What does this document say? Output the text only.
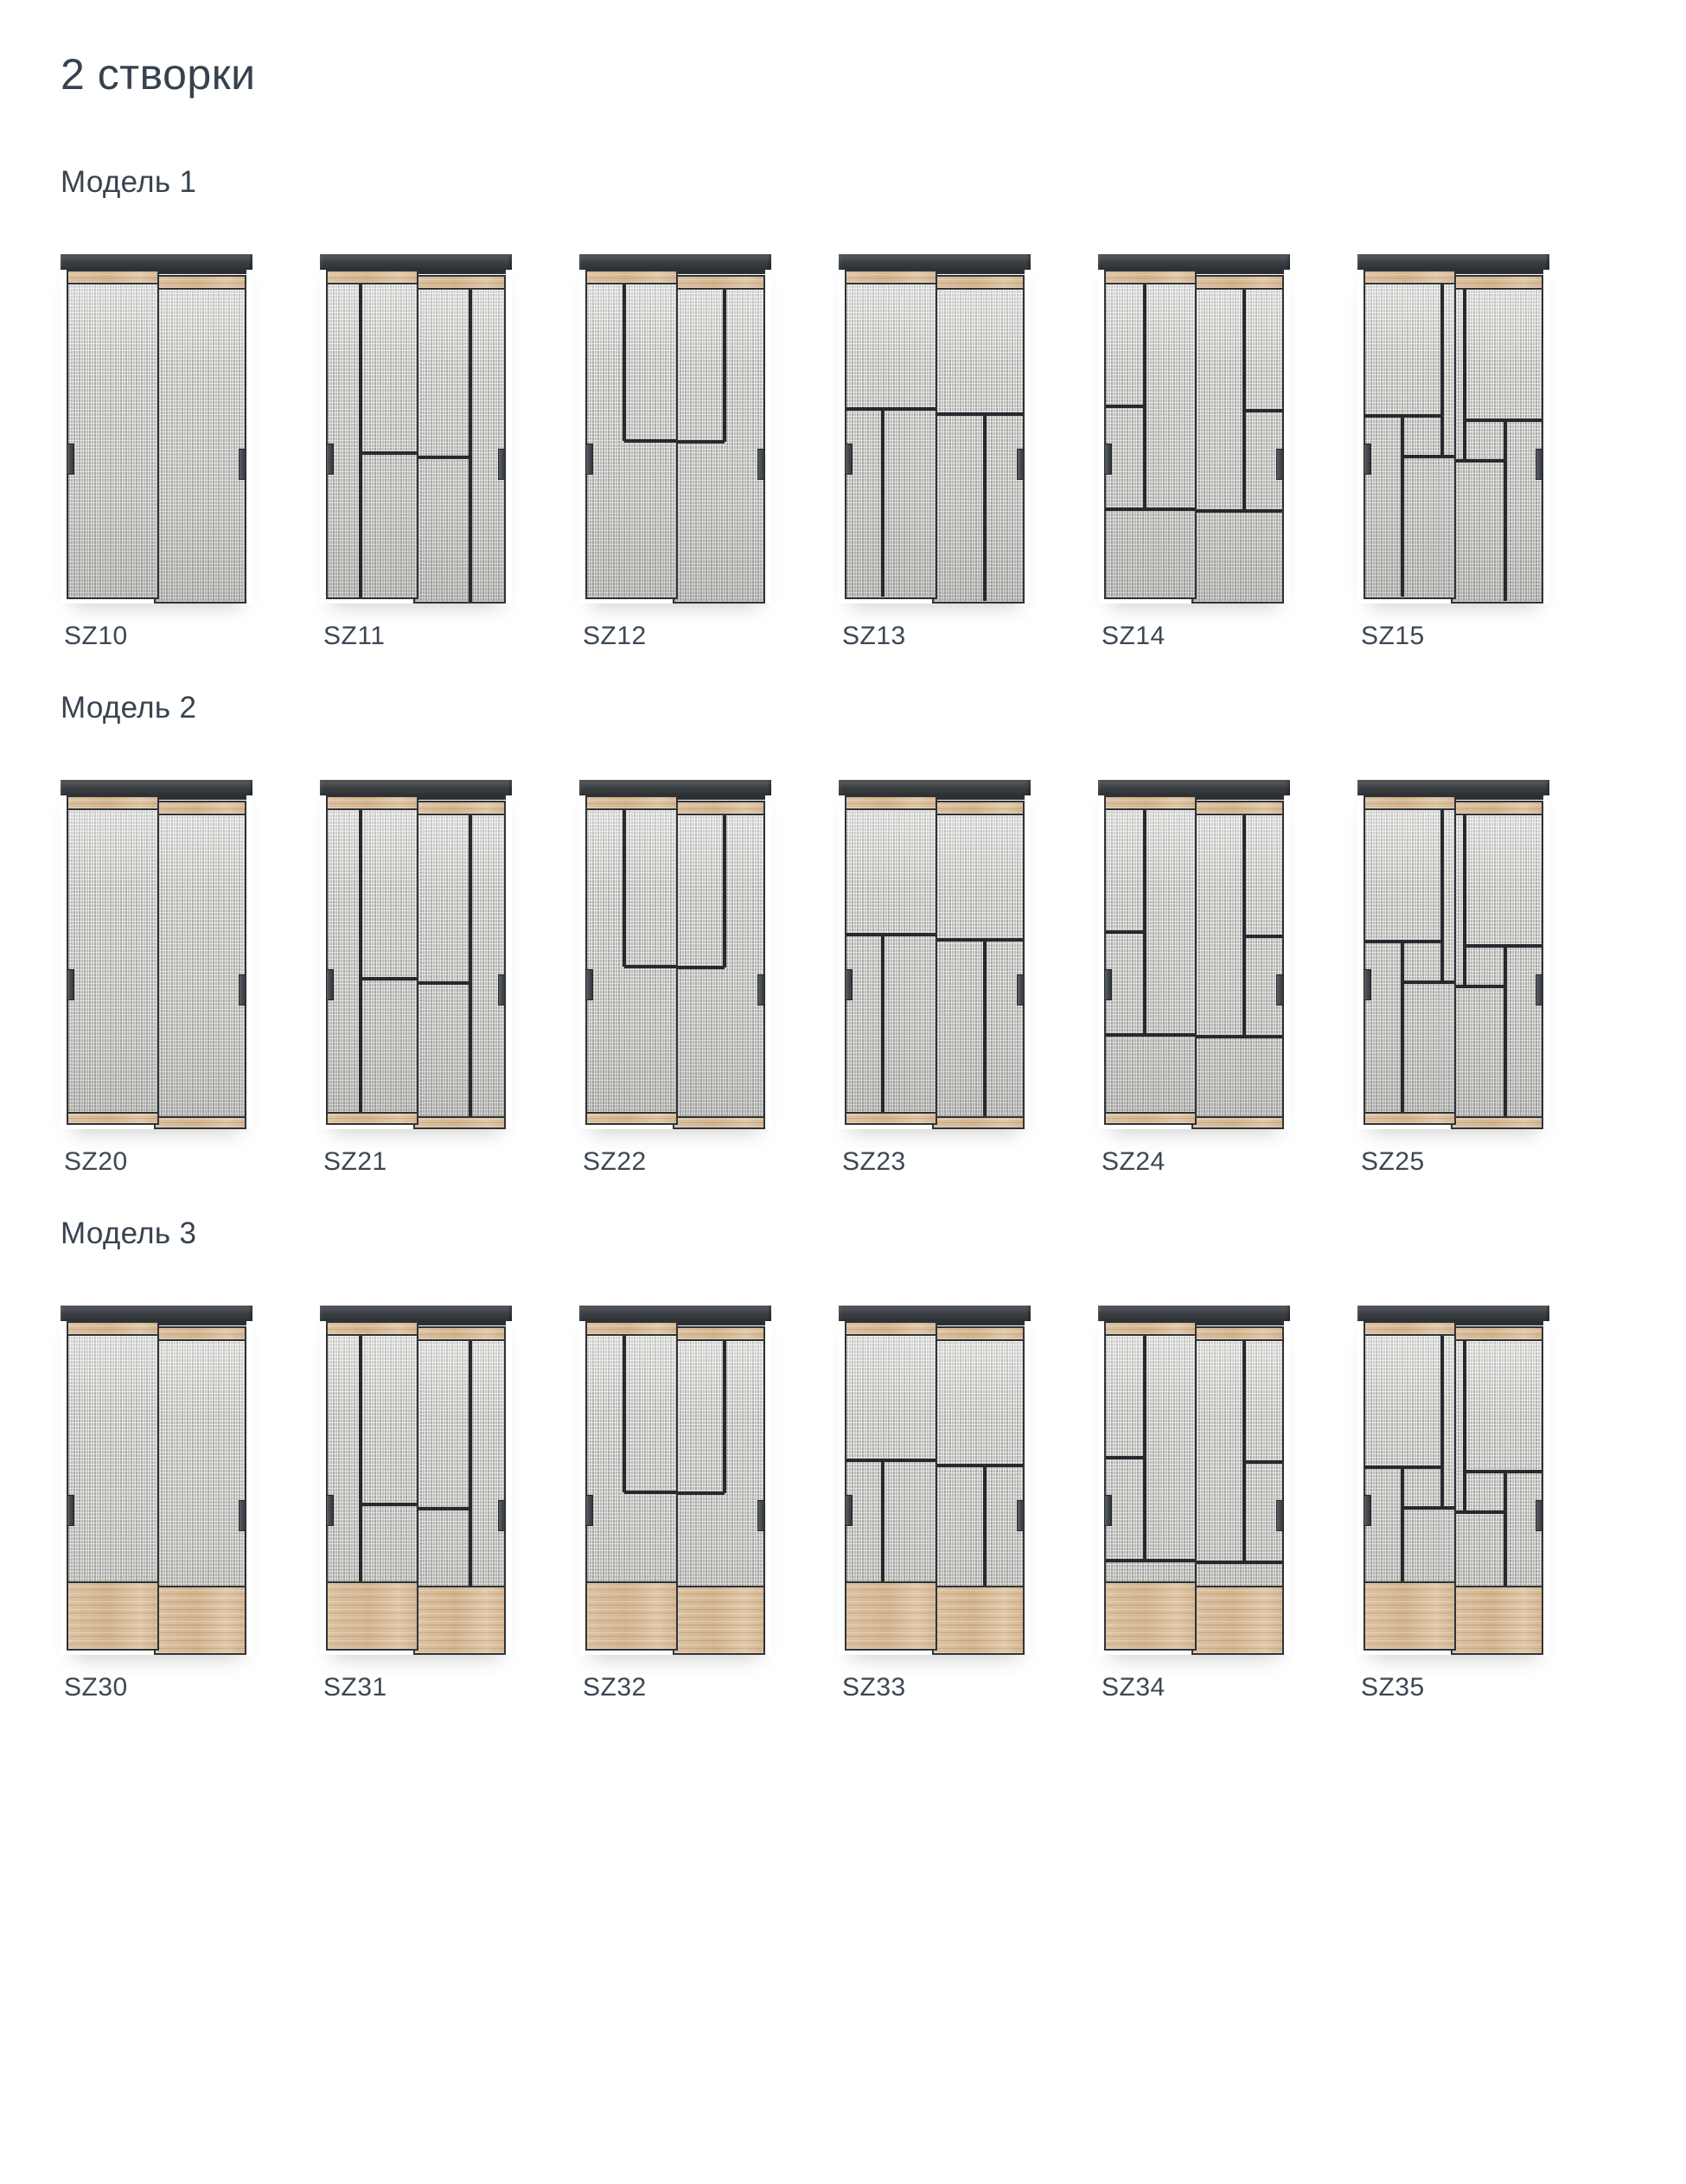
2 створки
Модель 1
SZ10	SZ11	SZ12	SZ13	SZ14	SZ15
Модель 2
SZ20	SZ21	SZ22	SZ23	SZ24	SZ25
Модель 3
SZ30	SZ31	SZ32	SZ33	SZ34	SZ35
